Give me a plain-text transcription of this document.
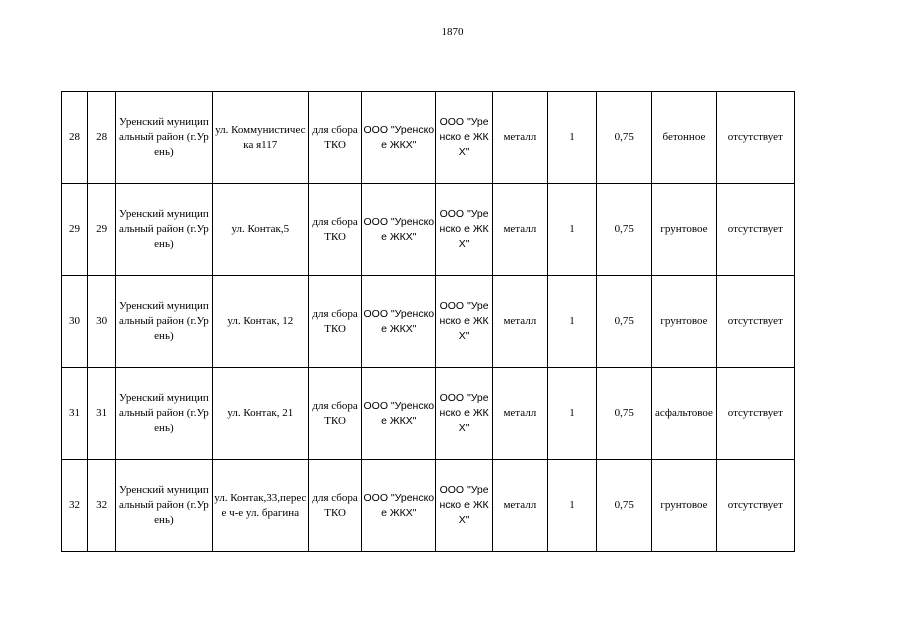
1870
28	28	Уренский муниципальный район (г.Урень)	ул. Коммунистическа я117	для сбора ТКО	ООО "Уренское ЖКХ"	ООО "Уренско е ЖКХ"	металл	1	0,75	бетонное	отсутствует
29	29	Уренский муниципальный район (г.Урень)	ул. Контак,5	для сбора ТКО	ООО "Уренское ЖКХ"	ООО "Уренско е ЖКХ"	металл	1	0,75	грунтовое	отсутствует
30	30	Уренский муниципальный район (г.Урень)	ул. Контак, 12	для сбора ТКО	ООО "Уренское ЖКХ"	ООО "Уренско е ЖКХ"	металл	1	0,75	грунтовое	отсутствует
31	31	Уренский муниципальный район (г.Урень)	ул. Контак, 21	для сбора ТКО	ООО "Уренское ЖКХ"	ООО "Уренско е ЖКХ"	металл	1	0,75	асфальтовое	отсутствует
32	32	Уренский муниципальный район (г.Урень)	ул. Контак,33,пересе ч-е ул. брагина	для сбора ТКО	ООО "Уренское ЖКХ"	ООО "Уренско е ЖКХ"	металл	1	0,75	грунтовое	отсутствует
